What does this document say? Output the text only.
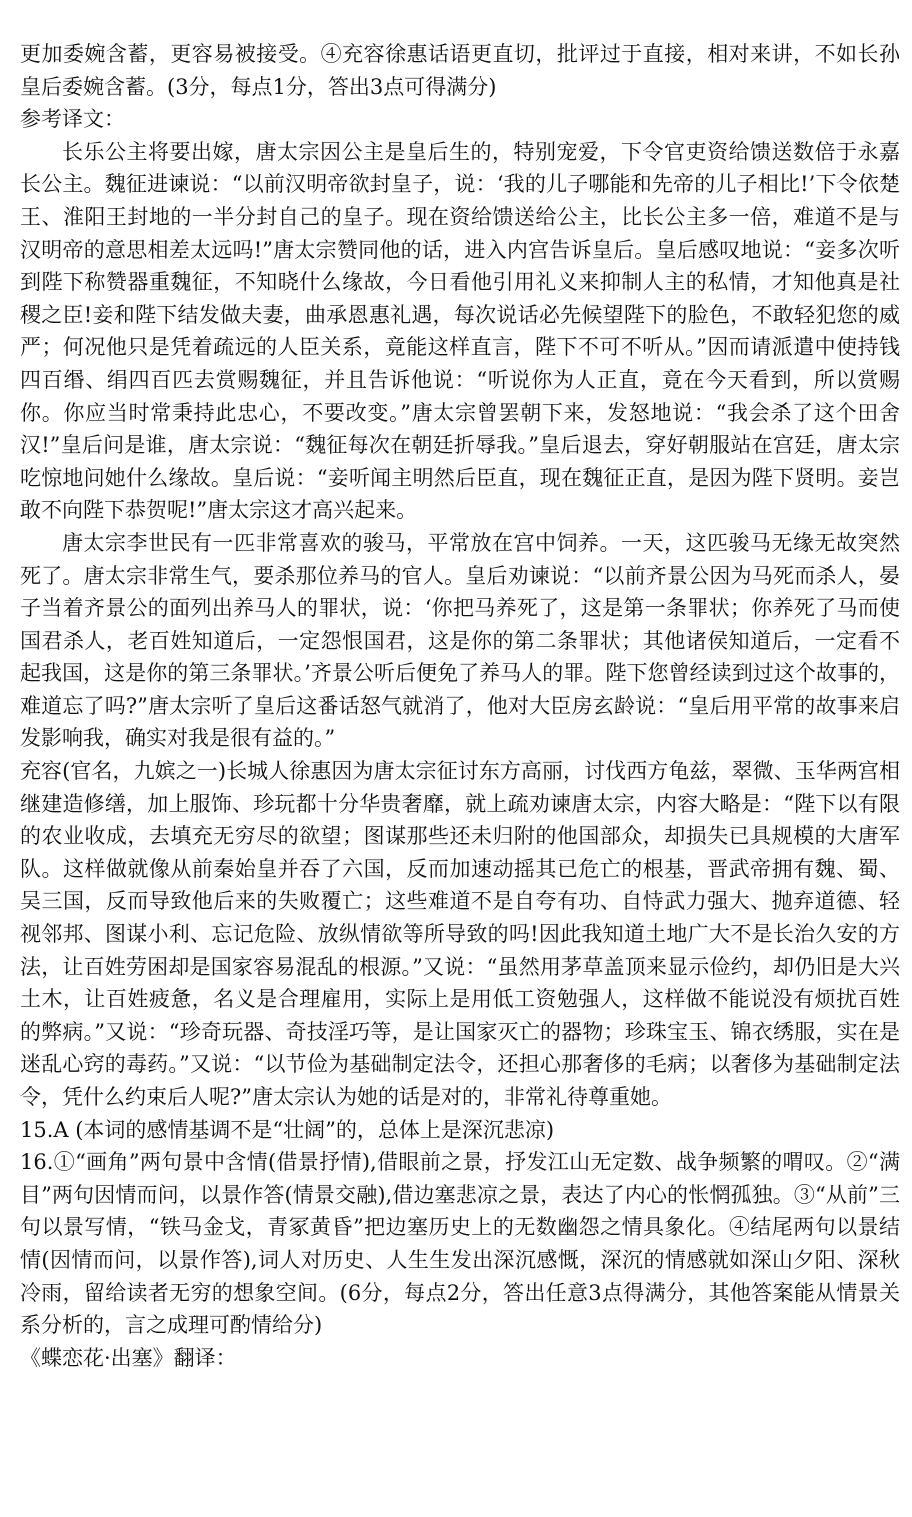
更加委婉含蓄，更容易被接受。④充容徐惠话语更直切，批评过于直接，相对来讲，不如长孙皇后委婉含蓄。(3分，每点1分，答出3点可得满分)

参考译文：

长乐公主将要出嫁，唐太宗因公主是皇后生的，特别宠爱，下令官吏资给馈送数倍于永嘉长公主。魏征进谏说：“以前汉明帝欲封皇子，说：‘我的儿子哪能和先帝的儿子相比!’下令依楚王、淮阳王封地的一半分封自己的皇子。现在资给馈送给公主，比长公主多一倍，难道不是与汉明帝的意思相差太远吗!”唐太宗赞同他的话，进入内宫告诉皇后。皇后感叹地说：“妾多次听到陛下称赞器重魏征，不知晓什么缘故，今日看他引用礼义来抑制人主的私情，才知他真是社稷之臣!妾和陛下结发做夫妻，曲承恩惠礼遇，每次说话必先候望陛下的脸色，不敢轻犯您的威严；何况他只是凭着疏远的人臣关系，竟能这样直言，陛下不可不听从。”因而请派遣中使持钱四百缗、绢四百匹去赏赐魏征，并且告诉他说：“听说你为人正直，竟在今天看到，所以赏赐你。你应当时常秉持此忠心，不要改变。”唐太宗曾罢朝下来，发怒地说：“我会杀了这个田舍汉!”皇后问是谁，唐太宗说：“魏征每次在朝廷折辱我。”皇后退去，穿好朝服站在宫廷，唐太宗吃惊地问她什么缘故。皇后说：“妾听闻主明然后臣直，现在魏征正直，是因为陛下贤明。妾岂敢不向陛下恭贺呢!”唐太宗这才高兴起来。

唐太宗李世民有一匹非常喜欢的骏马，平常放在宫中饲养。一天，这匹骏马无缘无故突然死了。唐太宗非常生气，要杀那位养马的官人。皇后劝谏说：“以前齐景公因为马死而杀人，晏子当着齐景公的面列出养马人的罪状，说：‘你把马养死了，这是第一条罪状；你养死了马而使国君杀人，老百姓知道后，一定怨恨国君，这是你的第二条罪状；其他诸侯知道后，一定看不起我国，这是你的第三条罪状。’齐景公听后便免了养马人的罪。陛下您曾经读到过这个故事的，难道忘了吗?”唐太宗听了皇后这番话怒气就消了，他对大臣房玄龄说：“皇后用平常的故事来启发影响我，确实对我是很有益的。”

充容(官名，九嫔之一)长城人徐惠因为唐太宗征讨东方高丽，讨伐西方龟兹，翠微、玉华两宫相继建造修缮，加上服饰、珍玩都十分华贵奢靡，就上疏劝谏唐太宗，内容大略是：“陛下以有限的农业收成，去填充无穷尽的欲望；图谋那些还未归附的他国部众，却损失已具规模的大唐军队。这样做就像从前秦始皇并吞了六国，反而加速动摇其已危亡的根基，晋武帝拥有魏、蜀、吴三国，反而导致他后来的失败覆亡；这些难道不是自夸有功、自恃武力强大、抛弃道德、轻视邻邦、图谋小利、忘记危险、放纵情欲等所导致的吗!因此我知道土地广大不是长治久安的方法，让百姓劳困却是国家容易混乱的根源。”又说：“虽然用茅草盖顶来显示俭约，却仍旧是大兴土木，让百姓疲惫，名义是合理雇用，实际上是用低工资勉强人，这样做不能说没有烦扰百姓的弊病。”又说：“珍奇玩器、奇技淫巧等，是让国家灭亡的器物；珍珠宝玉、锦衣绣服，实在是迷乱心窍的毒药。”又说：“以节俭为基础制定法令，还担心那奢侈的毛病；以奢侈为基础制定法令，凭什么约束后人呢?”唐太宗认为她的话是对的，非常礼待尊重她。

15.A (本词的感情基调不是“壮阔”的，总体上是深沉悲凉)

16.①“画角”两句景中含情(借景抒情),借眼前之景，抒发江山无定数、战争频繁的喟叹。②“满目”两句因情而问，以景作答(情景交融),借边塞悲凉之景，表达了内心的怅惘孤独。③“从前”三句以景写情，“铁马金戈，青冢黄昏”把边塞历史上的无数幽怨之情具象化。④结尾两句以景结情(因情而问，以景作答),词人对历史、人生生发出深沉感慨，深沉的情感就如深山夕阳、深秋冷雨，留给读者无穷的想象空间。(6分，每点2分，答出任意3点得满分，其他答案能从情景关系分析的，言之成理可酌情给分)

《蝶恋花·出塞》翻译：
